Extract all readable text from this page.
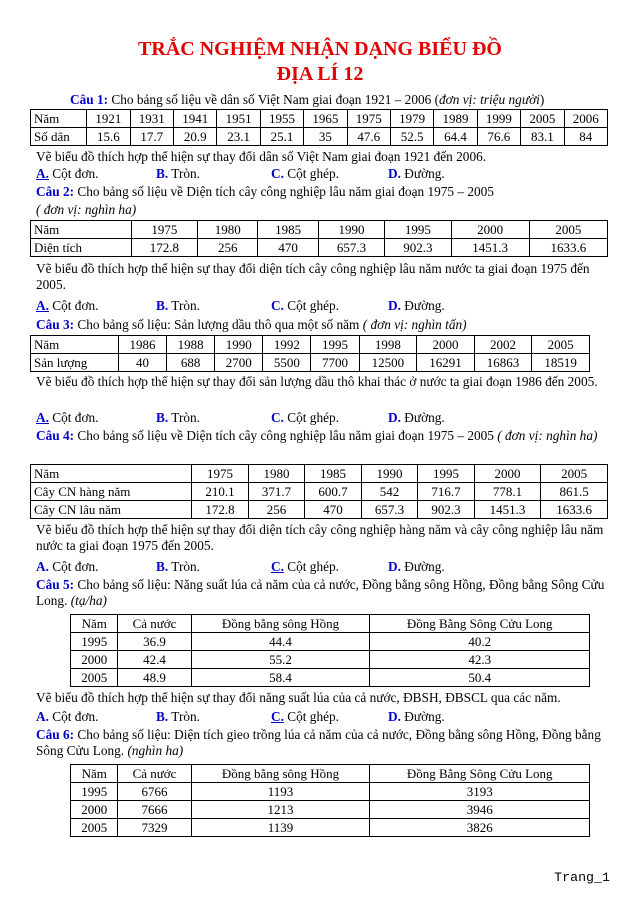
TRẮC NGHIỆM NHẬN DẠNG BIỂU ĐỒ
ĐỊA LÍ 12
Câu 1: Cho bảng số liệu về dân số Việt Nam giai đoạn 1921 – 2006 (đơn vị: triệu người)
Năm	1921	1931	1941	1951	1955	1965	1975	1979	1989	1999	2005	2006
Số dân	15.6	17.7	20.9	23.1	25.1	35	47.6	52.5	64.4	76.6	83.1	84
Vẽ biểu đồ thích hợp thể hiện sự thay đổi dân số Việt Nam giai đoạn 1921 đến 2006.
A. Cột đơn.	B. Tròn.	C. Cột ghép.	D. Đường.
Câu 2: Cho bảng số liệu về Diện tích cây công nghiệp lâu năm giai đoạn 1975 – 2005
( đơn vị: nghìn ha)
Năm	1975	1980	1985	1990	1995	2000	2005
Diện tích	172.8	256	470	657.3	902.3	1451.3	1633.6
Vẽ biểu đồ thích hợp thể hiện sự thay đổi diện tích cây công nghiệp lâu năm nước ta giai đoạn 1975 đến 2005.
A. Cột đơn.	B. Tròn.	C. Cột ghép.	D. Đường.
Câu 3: Cho bảng số liệu: Sản lượng dầu thô qua một số năm ( đơn vị: nghìn tấn)
Năm	1986	1988	1990	1992	1995	1998	2000	2002	2005
Sản lượng	40	688	2700	5500	7700	12500	16291	16863	18519
Vẽ biểu đồ thích hợp thể hiện sự thay đổi sản lượng dầu thô khai thác ở nước ta giai đoạn 1986 đến 2005.
A. Cột đơn.	B. Tròn.	C. Cột ghép.	D. Đường.
Câu 4: Cho bảng số liệu về Diện tích cây công nghiệp lâu năm giai đoạn 1975 – 2005 ( đơn vị: nghìn ha)
Năm	1975	1980	1985	1990	1995	2000	2005
Cây CN hàng năm	210.1	371.7	600.7	542	716.7	778.1	861.5
Cây CN lâu năm	172.8	256	470	657.3	902.3	1451.3	1633.6
Vẽ biểu đồ thích hợp thể hiện sự thay đổi diện tích cây công nghiệp hàng năm và cây công nghiệp lâu năm nước ta giai đoạn 1975 đến 2005.
A. Cột đơn.	B. Tròn.	C. Cột ghép.	D. Đường.
Câu 5: Cho bảng số liệu: Năng suất lúa cả năm của cả nước, Đồng bằng sông Hồng, Đồng bằng Sông Cửu Long. (tạ/ha)
Năm	Cả nước	Đồng bằng sông Hồng	Đồng Bằng Sông Cửu Long
1995	36.9	44.4	40.2
2000	42.4	55.2	42.3
2005	48.9	58.4	50.4
Vẽ biểu đồ thích hợp thể hiện sự thay đổi năng suất lúa của cả nước, ĐBSH, ĐBSCL qua các năm.
A. Cột đơn.	B. Tròn.	C. Cột ghép.	D. Đường.
Câu 6: Cho bảng số liệu: Diện tích gieo trồng lúa cả năm của cả nước, Đồng bằng sông Hồng, Đồng bằng Sông Cửu Long. (nghìn ha)
Năm	Cả nước	Đồng bằng sông Hồng	Đồng Bằng Sông Cửu Long
1995	6766	1193	3193
2000	7666	1213	3946
2005	7329	1139	3826
Trang_1
